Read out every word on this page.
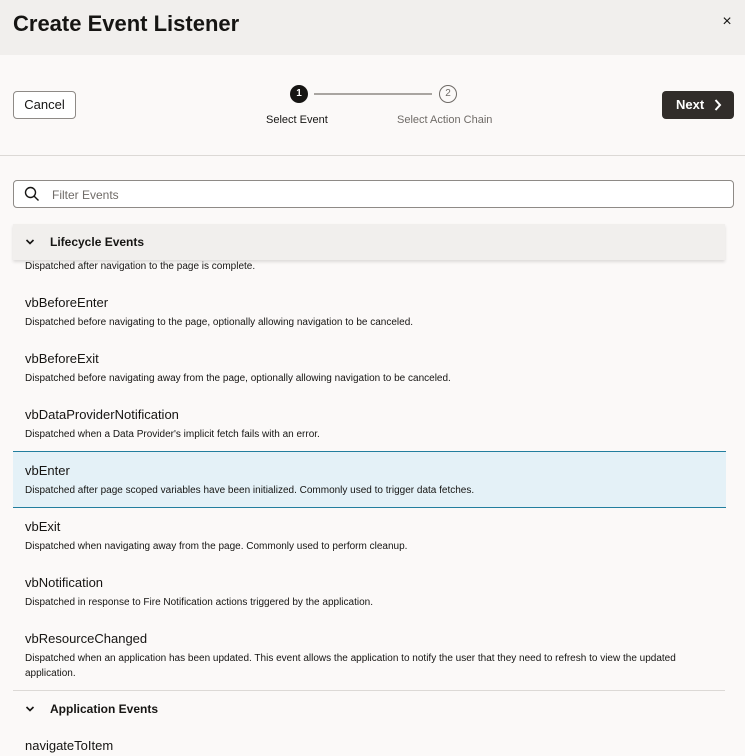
Create Event Listener	×
Cancel
1	2
Select Event	Select Action Chain
Next
Filter Events
Lifecycle Events
Dispatched after navigation to the page is complete.
vbBeforeEnter
Dispatched before navigating to the page, optionally allowing navigation to be canceled.
vbBeforeExit
Dispatched before navigating away from the page, optionally allowing navigation to be canceled.
vbDataProviderNotification
Dispatched when a Data Provider's implicit fetch fails with an error.
vbEnter
Dispatched after page scoped variables have been initialized. Commonly used to trigger data fetches.
vbExit
Dispatched when navigating away from the page. Commonly used to perform cleanup.
vbNotification
Dispatched in response to Fire Notification actions triggered by the application.
vbResourceChanged
Dispatched when an application has been updated. This event allows the application to notify the user that they need to refresh to view the updated application.
Application Events
navigateToItem
